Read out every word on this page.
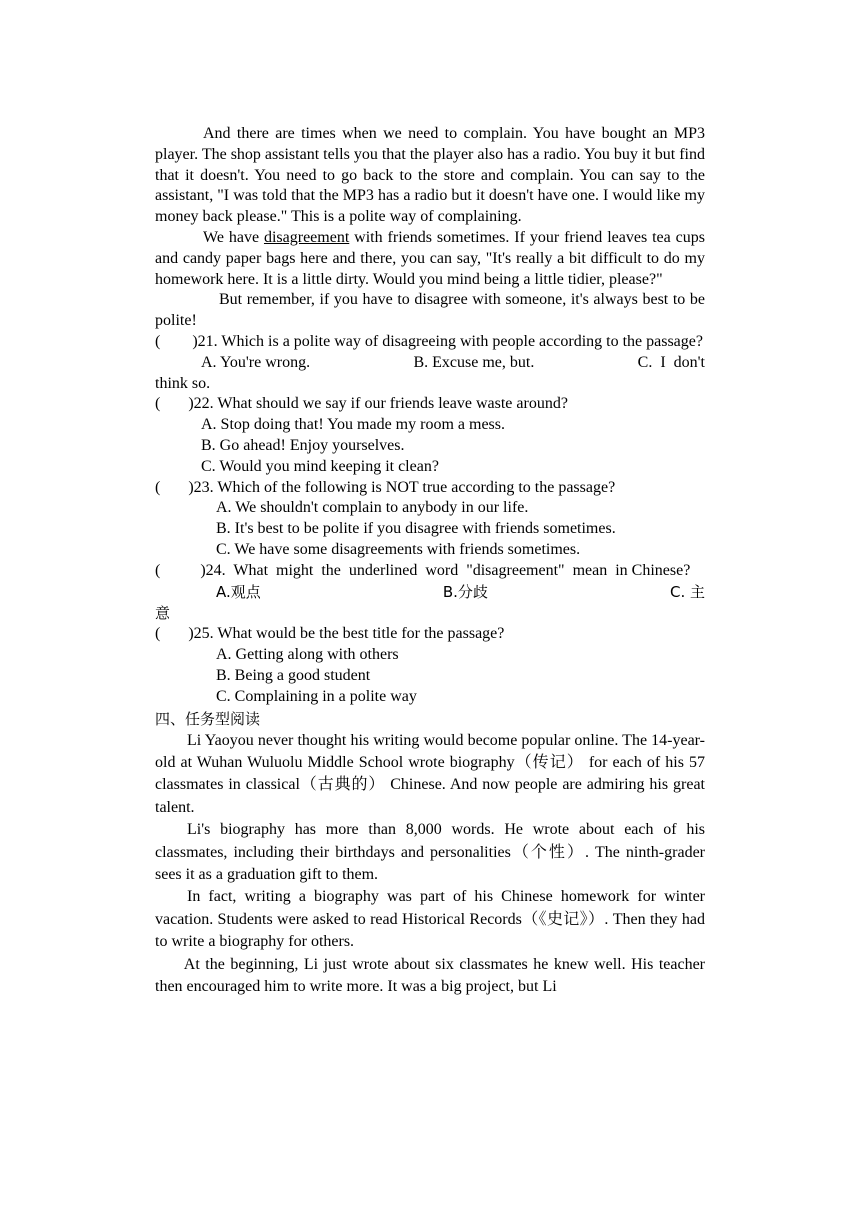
And there are times when we need to complain. You have bought an MP3 player. The shop assistant tells you that the player also has a radio. You buy it but find that it doesn't. You need to go back to the store and complain. You can say to the assistant, "I was told that the MP3 has a radio but it doesn't have one. I would like my money back please." This is a polite way of complaining.

We have disagreement with friends sometimes. If your friend leaves tea cups and candy paper bags here and there, you can say, "It's really a bit difficult to do my homework here. It is a little dirty. Would you mind being a little tidier, please?"

But remember, if you have to disagree with someone, it's always best to be polite!

(        )21. Which is a polite way of disagreeing with people according to the passage?

A. You're wrong.	B. Excuse me, but.	C.  I  don't

think so.

(       )22. What should we say if our friends leave waste around?

A. Stop doing that! You made my room a mess.

B. Go ahead! Enjoy yourselves.

C. Would you mind keeping it clean?

(       )23. Which of the following is NOT true according to the passage?

A. We shouldn't complain to anybody in our life.

B. It's best to be polite if you disagree with friends sometimes.

C. We have some disagreements with friends sometimes.

(          )24.  What  might  the  underlined  word  "disagreement"  mean  in Chinese?

A.观点	B.分歧	C. 主

意

(       )25. What would be the best title for the passage?

A. Getting along with others

B. Being a good student

C. Complaining in a polite way

四、任务型阅读

Li Yaoyou never thought his writing would become popular online. The 14-year-old at Wuhan Wuluolu Middle School wrote biography（传记） for each of his 57 classmates in classical（古典的） Chinese. And now people are admiring his great talent.

Li's biography has more than 8,000 words. He wrote about each of his classmates, including their birthdays and personalities（个性）. The ninth-grader sees it as a graduation gift to them.

In fact, writing a biography was part of his Chinese homework for winter vacation. Students were asked to read Historical Records（《史记》）. Then they had to write a biography for others.

At the beginning, Li just wrote about six classmates he knew well. His teacher then encouraged him to write more. It was a big project, but Li
